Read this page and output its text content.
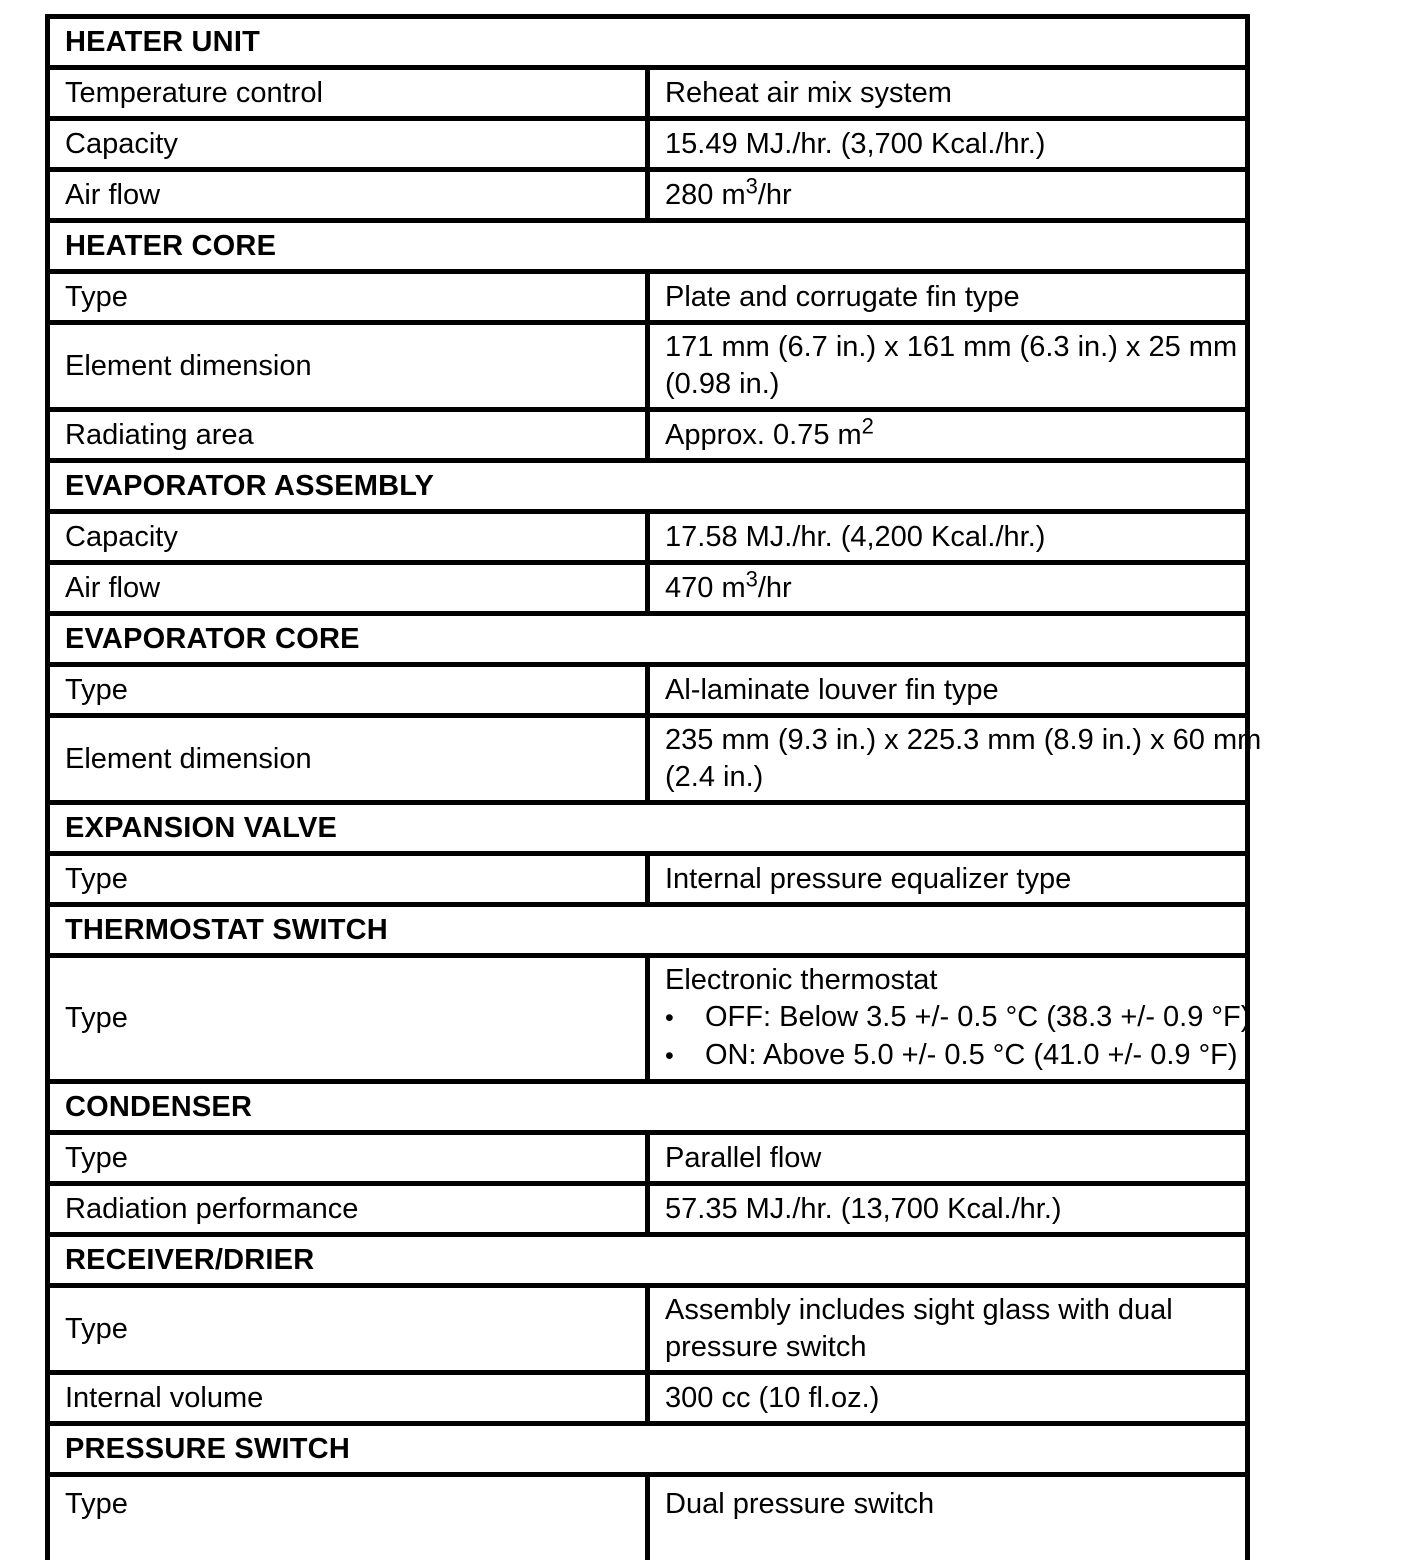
HEATER UNIT	
Temperature control	Reheat air mix system

Capacity	15.49 MJ./hr. (3,700 Kcal./hr.)

Air flow	280 $m^3/hr$

HEATER CORE	
Type	Plate and corrugate fin type

Element dimension	171 mm (6.7 in.) x 161 mm (6.3 in.) x 25 mm
(0.98 in.)

Radiating area	Approx. 0.75 $m^2$

EVAPORATOR ASSEMBLY	
Capacity	17.58 MJ./hr. (4,200 Kcal./hr.)

Air flow	470 $m^3/hr$

EVAPORATOR CORE	
Type	Al-laminate louver fin type

Element dimension	235 mm (9.3 in.) x 225.3 mm (8.9 in.) x 60 mm
(2.4 in.)

EXPANSION VALVE	
Type	Internal pressure equalizer type

THERMOSTAT SWITCH	
Type	Electronic thermostat
• OFF: Below 3.5 +/- 0.5 °C (38.3 +/- 0.9 °F)
• ON: Above 5.0 +/- 0.5 °C (41.0 +/- 0.9 °F)

CONDENSER	
Type	Parallel flow

Radiation performance	57.35 MJ./hr. (13,700 Kcal./hr.)

RECEIVER/DRIER	
Type	Assembly includes sight glass with dual
pressure switch

Internal volume	300 cc (10 fl.oz.)

PRESSURE SWITCH	
Type	Dual pressure switch
